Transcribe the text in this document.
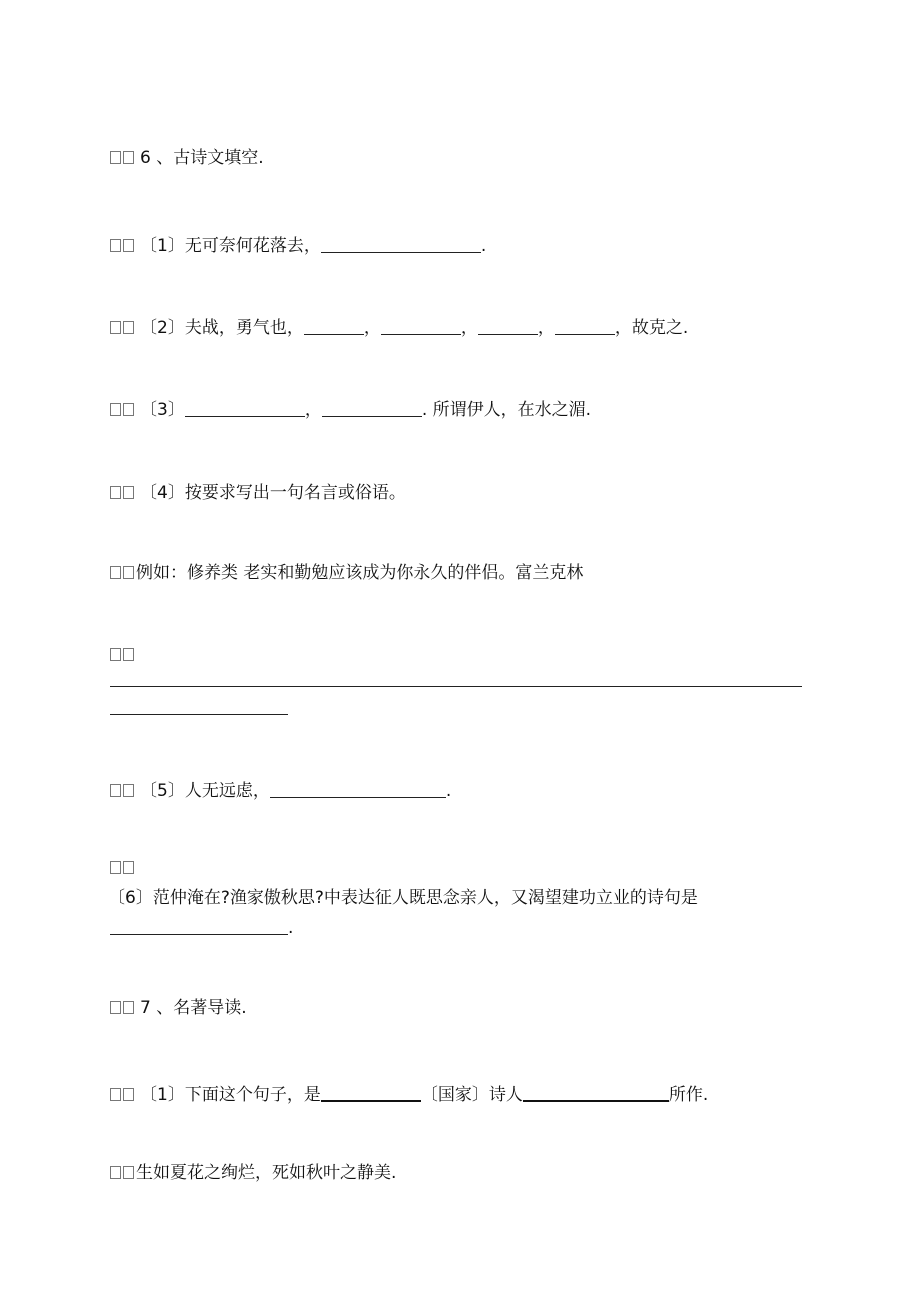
6 、古诗文填空.
〔1〕无可奈何花落去，	.
〔2〕夫战，勇气也，	，	，	，	，故克之.
〔3〕	，	. 所谓伊人，在水之湄.
〔4〕按要求写出一句名言或俗语。
例如：修养类 老实和勤勉应该成为你永久的伴侣。富兰克林
〔5〕人无远虑，	.
〔6〕范仲淹在?渔家傲秋思?中表达征人既思念亲人，又渴望建功立业的诗句是
.
7 、名著导读.
〔1〕下面这个句子，是	〔国家〕诗人	所作.
生如夏花之绚烂，死如秋叶之静美.
